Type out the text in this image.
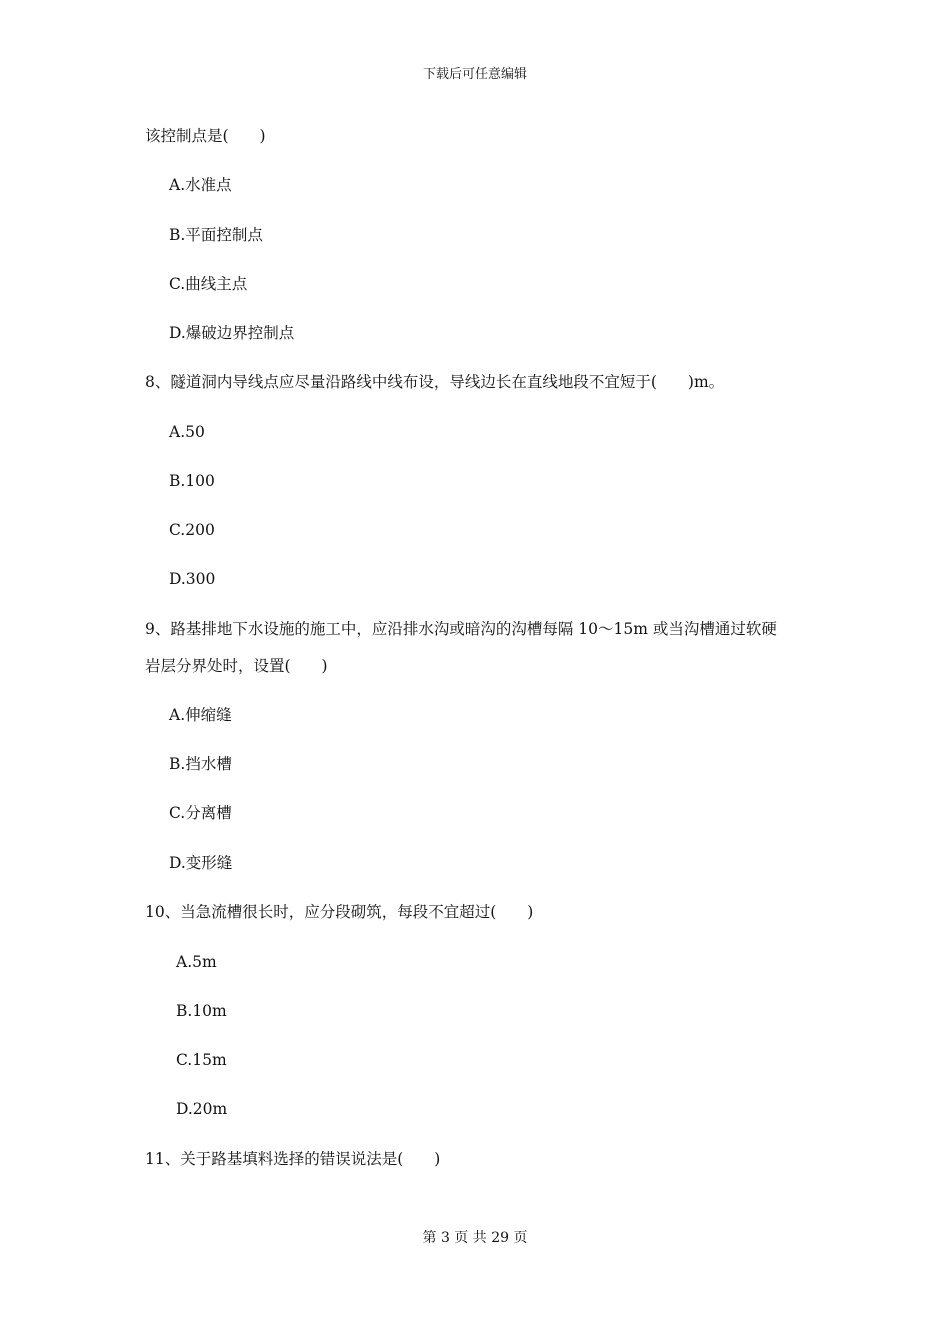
下载后可任意编辑
该控制点是(　　)
A.水准点
B.平面控制点
C.曲线主点
D.爆破边界控制点
8、隧道洞内导线点应尽量沿路线中线布设，导线边长在直线地段不宜短于(　　)m。
A.50
B.100
C.200
D.300
9、路基排地下水设施的施工中，应沿排水沟或暗沟的沟槽每隔 10～15m 或当沟槽通过软硬
岩层分界处时，设置(　　)
A.伸缩缝
B.挡水槽
C.分离槽
D.变形缝
10、当急流槽很长时，应分段砌筑，每段不宜超过(　　)
A.5m
B.10m
C.15m
D.20m
11、关于路基填料选择的错误说法是(　　)
第 3 页 共 29 页
